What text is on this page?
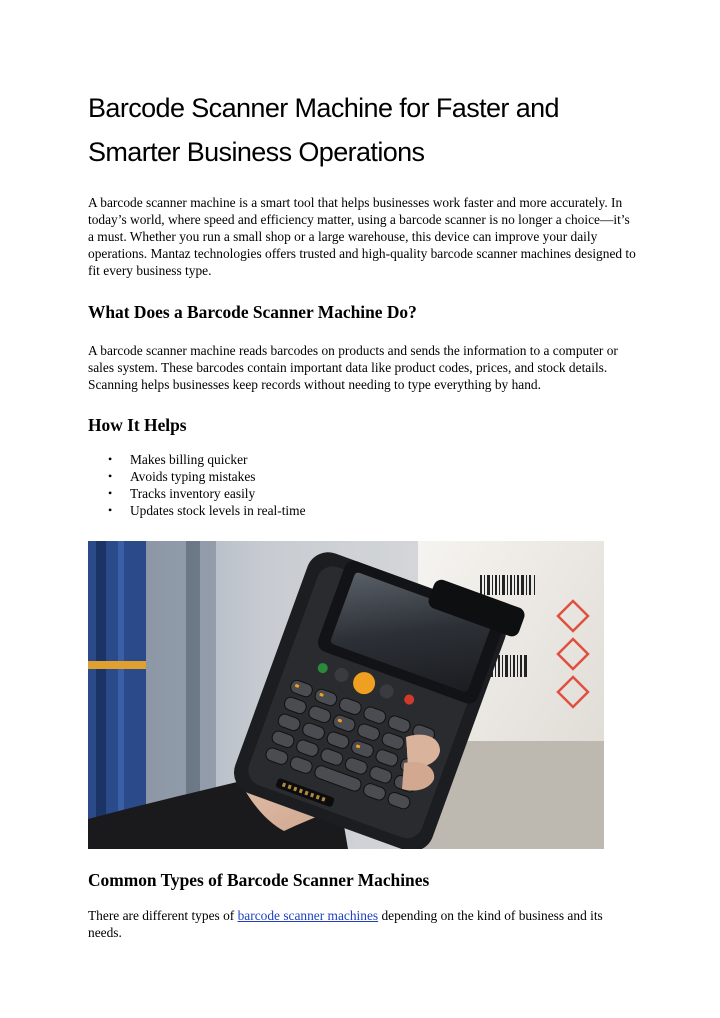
Barcode Scanner Machine for Faster and
Smarter Business Operations

A barcode scanner machine is a smart tool that helps businesses work faster and more accurately. In today’s world, where speed and efficiency matter, using a barcode scanner is no longer a choice—it’s a must. Whether you run a small shop or a large warehouse, this device can improve your daily operations. Mantaz technologies offers trusted and high-quality barcode scanner machines designed to fit every business type.

What Does a Barcode Scanner Machine Do?

A barcode scanner machine reads barcodes on products and sends the information to a computer or sales system. These barcodes contain important data like product codes, prices, and stock details. Scanning helps businesses keep records without needing to type everything by hand.

How It Helps
• Makes billing quicker
• Avoids typing mistakes
• Tracks inventory easily
• Updates stock levels in real-time
Common Types of Barcode Scanner Machines

There are different types of barcode scanner machines depending on the kind of business and its needs.
